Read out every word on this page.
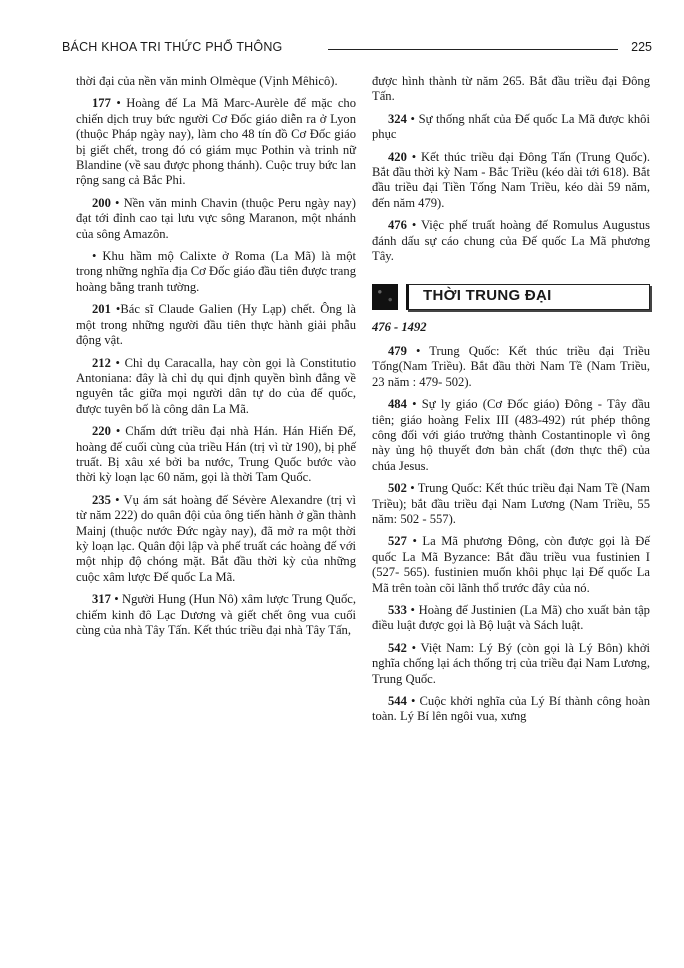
BÁCH KHOA TRI THỨC PHỔ THÔNG	225

thời đại của nền văn minh Olmèque (Vịnh Mêhicô).

177 • Hoàng đế La Mã Marc-Aurèle để mặc cho chiến dịch truy bức người Cơ Đốc giáo diễn ra ở Lyon (thuộc Pháp ngày nay), làm cho 48 tín đồ Cơ Đốc giáo bị giết chết, trong đó có giám mục Pothin và trinh nữ Blandine (về sau được phong thánh). Cuộc truy bức lan rộng sang cả Bắc Phi.

200 • Nền văn minh Chavin (thuộc Peru ngày nay) đạt tới đỉnh cao tại lưu vực sông Maranon, một nhánh của sông Amazôn.

• Khu hầm mộ Calixte ở Roma (La Mã) là một trong những nghĩa địa Cơ Đốc giáo đầu tiên được trang hoàng bằng tranh tường.

201 •Bác sĩ Claude Galien (Hy Lạp) chết. Ông là một trong những người đầu tiên thực hành giải phẫu động vật.

212 • Chỉ dụ Caracalla, hay còn gọi là Constitutio Antoniana: đây là chỉ dụ qui định quyền bình đẳng về nguyên tắc giữa mọi người dân tự do của đế quốc, được tuyên bố là công dân La Mã.

220 • Chấm dứt triều đại nhà Hán. Hán Hiến Đế, hoàng đế cuối cùng của triều Hán (trị vì từ 190), bị phế truất. Bị xâu xé bởi ba nước, Trung Quốc bước vào thời kỳ loạn lạc 60 năm, gọi là thời Tam Quốc.

235 • Vụ ám sát hoàng đế Sévère Alexandre (trị vì từ năm 222) do quân đội của ông tiến hành ở gần thành Mainj (thuộc nước Đức ngày nay), đã mở ra một thời kỳ loạn lạc. Quân đội lập và phế truất các hoàng đế với một nhịp độ chóng mặt. Bắt đầu thời kỳ của những cuộc xâm lược Đế quốc La Mã.

317 • Người Hung (Hun Nô) xâm lược Trung Quốc, chiếm kinh đô Lạc Dương và giết chết ông vua cuối cùng của nhà Tây Tấn. Kết thúc triều đại nhà Tây Tấn,

được hình thành từ năm 265. Bắt đầu triều đại Đông Tấn.

324 • Sự thống nhất của Đế quốc La Mã được khôi phục

420 • Kết thúc triều đại Đông Tấn (Trung Quốc). Bắt đầu thời kỳ Nam - Bắc Triều (kéo dài tới 618). Bắt đầu triều đại Tiền Tống Nam Triều, kéo dài 59 năm, đến năm 479).

476 • Việc phế truất hoàng đế Romulus Augustus đánh dấu sự cáo chung của Đế quốc La Mã phương Tây.

THỜI TRUNG ĐẠI
476 - 1492

479 • Trung Quốc: Kết thúc triều đại Triều Tống(Nam Triều). Bắt đầu thời Nam Tề (Nam Triều, 23 năm : 479- 502).

484 • Sự ly giáo (Cơ Đốc giáo) Đông - Tây đầu tiên; giáo hoàng Felix III (483-492) rút phép thông công đối với giáo trưởng thành Costantinople vì ông này ủng hộ thuyết đơn bản chất (đơn thực thể) của chúa Jesus.

502 • Trung Quốc: Kết thúc triều đại Nam Tề (Nam Triều); bắt đầu triều đại Nam Lương (Nam Triều, 55 năm: 502 - 557).

527 • La Mã phương Đông, còn được gọi là Đế quốc La Mã Byzance: Bắt đầu triều vua fustinien I (527- 565). fustinien muốn khôi phục lại Đế quốc La Mã trên toàn cõi lãnh thổ trước đây của nó.

533 • Hoàng đế Justinien (La Mã) cho xuất bản tập điều luật được gọi là Bộ luật và Sách luật.

542 • Việt Nam: Lý Bý (còn gọi là Lý Bôn) khởi nghĩa chống lại ách thống trị của triều đại Nam Lương, Trung Quốc.

544 • Cuộc khởi nghĩa của Lý Bí thành công hoàn toàn. Lý Bí lên ngôi vua, xưng
